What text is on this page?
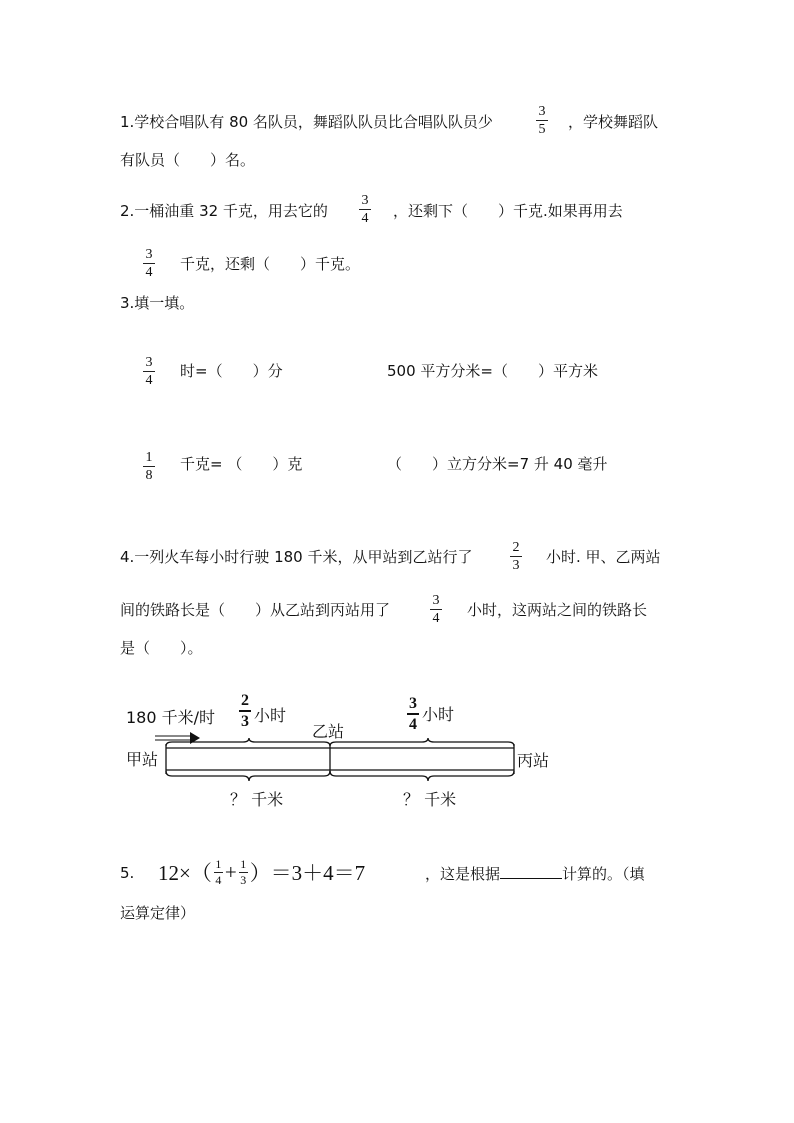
1.学校合唱队有 80 名队员，舞蹈队队员比合唱队队员少
3
5 ，学校舞蹈队
有队员（　　）名。
2.一桶油重 32 千克，用去它的
3
4 ，还剩下（　　）千克.如果再用去
3
4 千克，还剩（　　）千克。
3.填一填。
3
4
时=（　　）分	500 平方分米=（　　）平方米
1
8
千克= （　　）克	（　　）立方分米=7 升 40 毫升
4.一列火车每小时行驶 180 千米，从甲站到乙站行了
2
3 小时. 甲、乙两站
间的铁路长是（　　）从乙站到丙站用了
3
4 小时，这两站之间的铁路长
是（　　）。
180 千米/时
2
3 小时
3
4
小时
乙站
甲站	丙站
？ 千米	？ 千米
5. $12\times( \frac{1}{4} + \frac{1}{3} )=3+4=7$	，这是根据	计算的。（填
运算定律）
